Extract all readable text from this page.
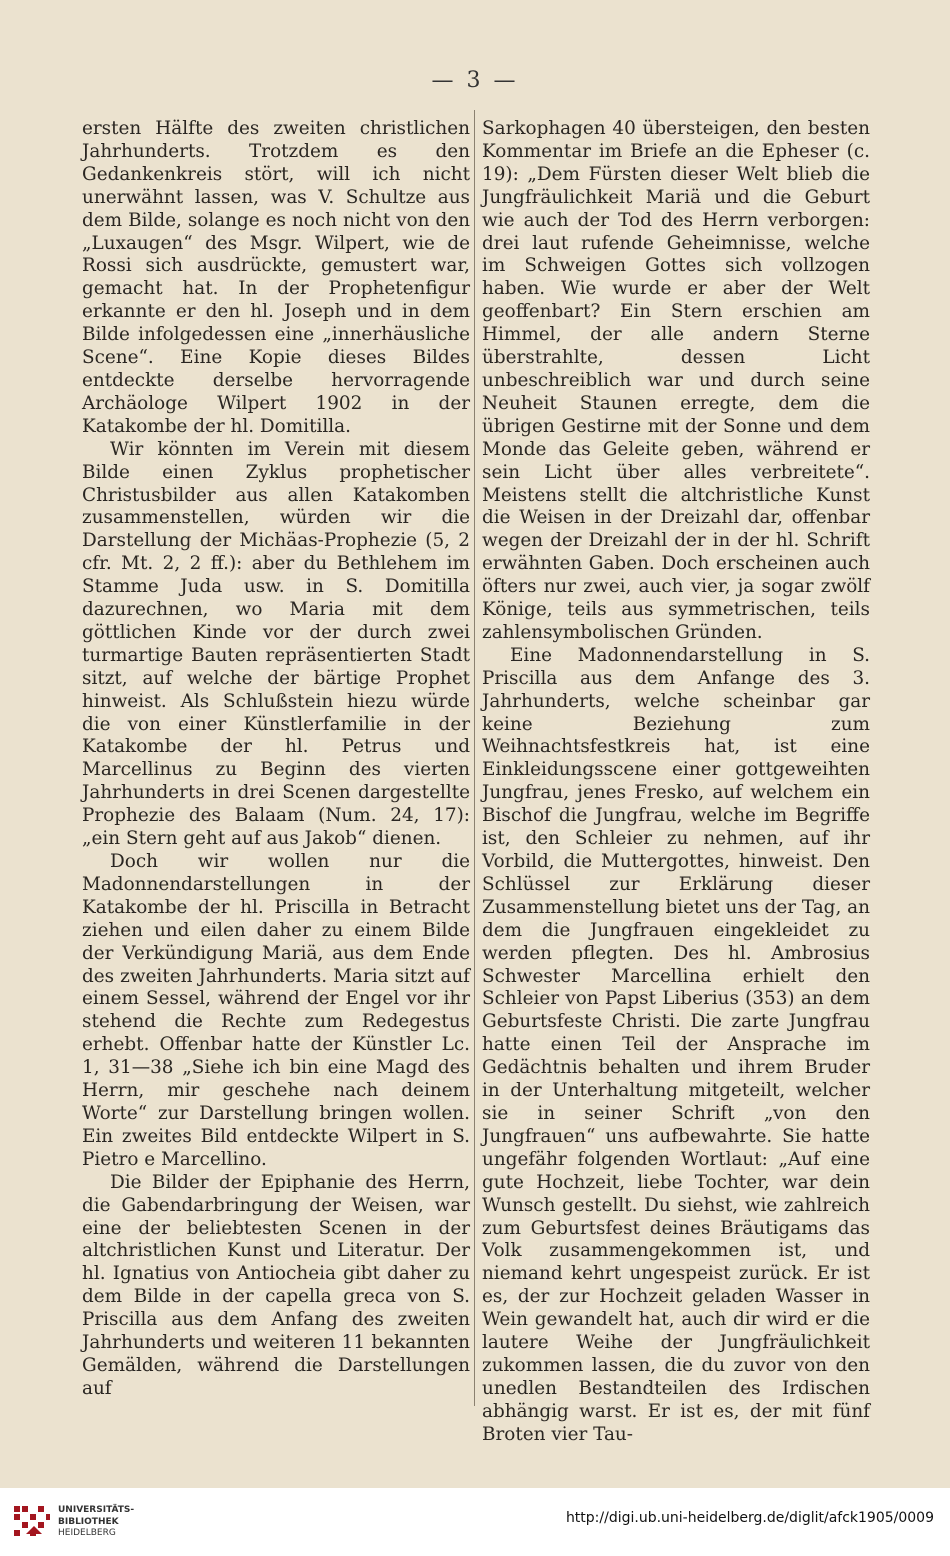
— 3 —

ersten Hälfte des zweiten christlichen Jahrhunderts. Trotzdem es den Gedankenkreis stört, will ich nicht unerwähnt lassen, was V. Schultze aus dem Bilde, solange es noch nicht von den „Luxaugen“ des Msgr. Wilpert, wie de Rossi sich ausdrückte, gemustert war, gemacht hat. In der Prophetenfigur erkannte er den hl. Joseph und in dem Bilde infolgedessen eine „innerhäusliche Scene“. Eine Kopie dieses Bildes entdeckte derselbe hervorragende Archäologe Wilpert 1902 in der Katakombe der hl. Domitilla.

Wir könnten im Verein mit diesem Bilde einen Zyklus prophetischer Christusbilder aus allen Katakomben zusammenstellen, würden wir die Darstellung der Michäas-Prophezie (5, 2 cfr. Mt. 2, 2 ff.): aber du Bethlehem im Stamme Juda usw. in S. Domitilla dazurechnen, wo Maria mit dem göttlichen Kinde vor der durch zwei turmartige Bauten repräsentierten Stadt sitzt, auf welche der bärtige Prophet hinweist. Als Schlußstein hiezu würde die von einer Künstlerfamilie in der Katakombe der hl. Petrus und Marcellinus zu Beginn des vierten Jahrhunderts in drei Scenen dargestellte Prophezie des Balaam (Num. 24, 17): „ein Stern geht auf aus Jakob“ dienen.

Doch wir wollen nur die Madonnendarstellungen in der Katakombe der hl. Priscilla in Betracht ziehen und eilen daher zu einem Bilde der Verkündigung Mariä, aus dem Ende des zweiten Jahrhunderts. Maria sitzt auf einem Sessel, während der Engel vor ihr stehend die Rechte zum Redegestus erhebt. Offenbar hatte der Künstler Lc. 1, 31—38 „Siehe ich bin eine Magd des Herrn, mir geschehe nach deinem Worte“ zur Darstellung bringen wollen. Ein zweites Bild entdeckte Wilpert in S. Pietro e Marcellino.

Die Bilder der Epiphanie des Herrn, die Gabendarbringung der Weisen, war eine der beliebtesten Scenen in der altchristlichen Kunst und Literatur. Der hl. Ignatius von Antiocheia gibt daher zu dem Bilde in der capella greca von S. Priscilla aus dem Anfang des zweiten Jahrhunderts und weiteren 11 bekannten Gemälden, während die Darstellungen auf

Sarkophagen 40 übersteigen, den besten Kommentar im Briefe an die Epheser (c. 19): „Dem Fürsten dieser Welt blieb die Jungfräulichkeit Mariä und die Geburt wie auch der Tod des Herrn verborgen: drei laut rufende Geheimnisse, welche im Schweigen Gottes sich vollzogen haben. Wie wurde er aber der Welt geoffenbart? Ein Stern erschien am Himmel, der alle andern Sterne überstrahlte, dessen Licht unbeschreiblich war und durch seine Neuheit Staunen erregte, dem die übrigen Gestirne mit der Sonne und dem Monde das Geleite geben, während er sein Licht über alles verbreitete“. Meistens stellt die altchristliche Kunst die Weisen in der Dreizahl dar, offenbar wegen der Dreizahl der in der hl. Schrift erwähnten Gaben. Doch erscheinen auch öfters nur zwei, auch vier, ja sogar zwölf Könige, teils aus symmetrischen, teils zahlensymbolischen Gründen.

Eine Madonnendarstellung in S. Priscilla aus dem Anfange des 3. Jahrhunderts, welche scheinbar gar keine Beziehung zum Weihnachtsfestkreis hat, ist eine Einkleidungsscene einer gottgeweihten Jungfrau, jenes Fresko, auf welchem ein Bischof die Jungfrau, welche im Begriffe ist, den Schleier zu nehmen, auf ihr Vorbild, die Muttergottes, hinweist. Den Schlüssel zur Erklärung dieser Zusammenstellung bietet uns der Tag, an dem die Jungfrauen eingekleidet zu werden pflegten. Des hl. Ambrosius Schwester Marcellina erhielt den Schleier von Papst Liberius (353) an dem Geburtsfeste Christi. Die zarte Jungfrau hatte einen Teil der Ansprache im Gedächtnis behalten und ihrem Bruder in der Unterhaltung mitgeteilt, welcher sie in seiner Schrift „von den Jungfrauen“ uns aufbewahrte. Sie hatte ungefähr folgenden Wortlaut: „Auf eine gute Hochzeit, liebe Tochter, war dein Wunsch gestellt. Du siehst, wie zahlreich zum Geburtsfest deines Bräutigams das Volk zusammengekommen ist, und niemand kehrt ungespeist zurück. Er ist es, der zur Hochzeit geladen Wasser in Wein gewandelt hat, auch dir wird er die lautere Weihe der Jungfräulichkeit zukommen lassen, die du zuvor von den unedlen Bestandteilen des Irdischen abhängig warst. Er ist es, der mit fünf Broten vier Tau-

UNIVERSITÄTS-
BIBLIOTHEK
HEIDELBERG
http://digi.ub.uni-heidelberg.de/diglit/afck1905/0009
